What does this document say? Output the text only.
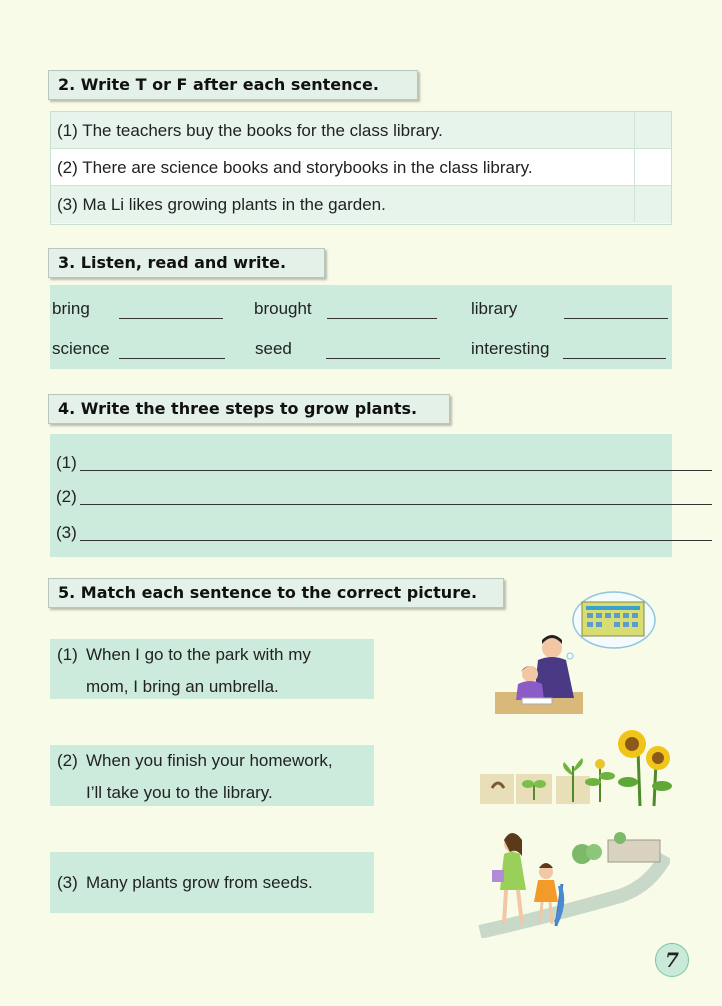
2. Write T or F after each sentence.
(1) The teachers buy the books for the class library.
(2) There are science books and storybooks in the class library.
(3) Ma Li likes growing plants in the garden.
3. Listen, read and write.
bring	brought	library
science	seed	interesting
4. Write the three steps to grow plants.
(1)
(2)
(3)
5. Match each sentence to the correct picture.
(1) When I go to the park with my
mom, I bring an umbrella.
(2) When you finish your homework,
I’ll take you to the library.
(3) Many plants grow from seeds.
7
